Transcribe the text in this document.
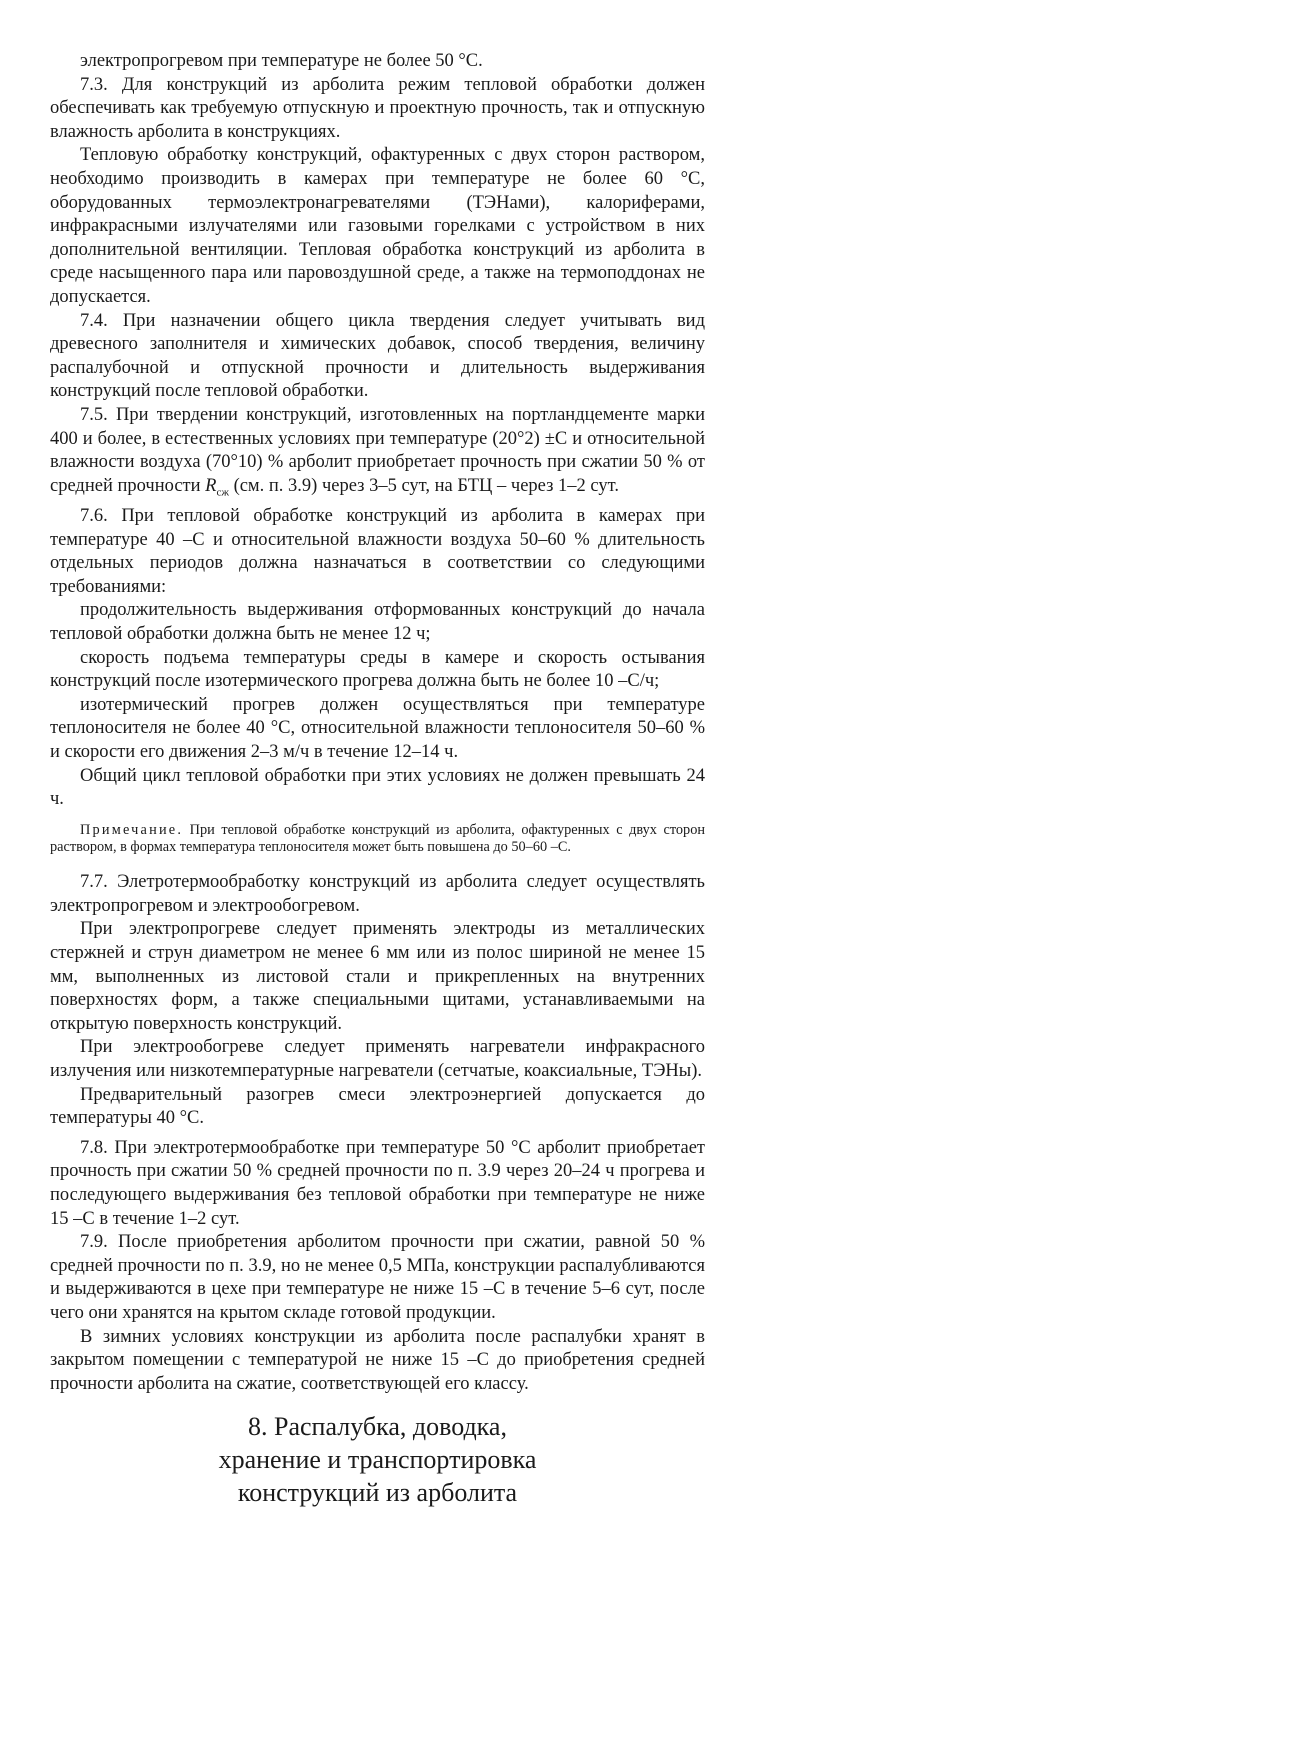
электропрогревом при температуре не более 50 °С.

7.3. Для конструкций из арболита режим тепловой обработки должен обеспечивать как требуемую отпускную и проектную прочность, так и отпускную влажность арболита в конструкциях.

Тепловую обработку конструкций, офактуренных с двух сторон раствором, необходимо производить в камерах при температуре не более 60 °С, оборудованных термоэлектронагревателями (ТЭНами), калориферами, инфракрасными излучателями или газовыми горелками с устройством в них дополнительной вентиляции. Тепловая обработка конструкций из арболита в среде насыщенного пара или паровоздушной среде, а также на термоподдонах не допускается.

7.4. При назначении общего цикла твердения следует учитывать вид древесного заполнителя и химических добавок, способ твердения, величину распалубочной и отпускной прочности и длительность выдерживания конструкций после тепловой обработки.

7.5. При твердении конструкций, изготовленных на портландцементе марки 400 и более, в естественных условиях при температуре (20°2) ±С и относительной влажности воздуха (70°10) % арболит приобретает прочность при сжатии 50 % от средней прочности $R_{сж}$ (см. п. 3.9) через 3–5 сут, на БТЦ – через 1–2 сут.

7.6. При тепловой обработке конструкций из арболита в камерах при температуре 40 –С и относительной влажности воздуха 50–60 % длительность отдельных периодов должна назначаться в соответствии со следующими требованиями:

продолжительность выдерживания отформованных конструкций до начала тепловой обработки должна быть не менее 12 ч;

скорость подъема температуры среды в камере и скорость остывания конструкций после изотермического прогрева должна быть не более 10 –С/ч;

изотермический прогрев должен осуществляться при температуре теплоносителя не более 40 °С, относительной влажности теплоносителя 50–60 % и скорости его движения 2–3 м/ч в течение 12–14 ч.

Общий цикл тепловой обработки при этих условиях не должен превышать 24 ч.

Примечание. При тепловой обработке конструкций из арболита, офактуренных с двух сторон раствором, в формах температура теплоносителя может быть повышена до 50–60 –С.

7.7. Элетротермообработку конструкций из арболита следует осуществлять электропрогревом и электрообогревом.

При электропрогреве следует применять электроды из металлических стержней и струн диаметром не менее 6 мм или из полос шириной не менее 15 мм, выполненных из листовой стали и прикрепленных на внутренних поверхностях форм, а также специальными щитами, устанавливаемыми на открытую поверхность конструкций.

При электрообогреве следует применять нагреватели инфракрасного излучения или низкотемпературные нагреватели (сетчатые, коаксиальные, ТЭНы).

Предварительный разогрев смеси электроэнергией допускается до температуры 40 °С.

7.8. При электротермообработке при температуре 50 °С арболит приобретает прочность при сжатии 50 % средней прочности по п. 3.9 через 20–24 ч прогрева и последующего выдерживания без тепловой обработки при температуре не ниже 15 –С в течение 1–2 сут.

7.9. После приобретения арболитом прочности при сжатии, равной 50 % средней прочности по п. 3.9, но не менее 0,5 МПа, конструкции распалубливаются и выдерживаются в цехе при температуре не ниже 15 –С в течение 5–6 сут, после чего они хранятся на крытом складе готовой продукции.

В зимних условиях конструкции из арболита после распалубки хранят в закрытом помещении с температурой не ниже 15 –С до приобретения средней прочности арболита на сжатие, соответствующей его классу.

8. Распалубка, доводка,
хранение и транспортировка
конструкций из арболита
